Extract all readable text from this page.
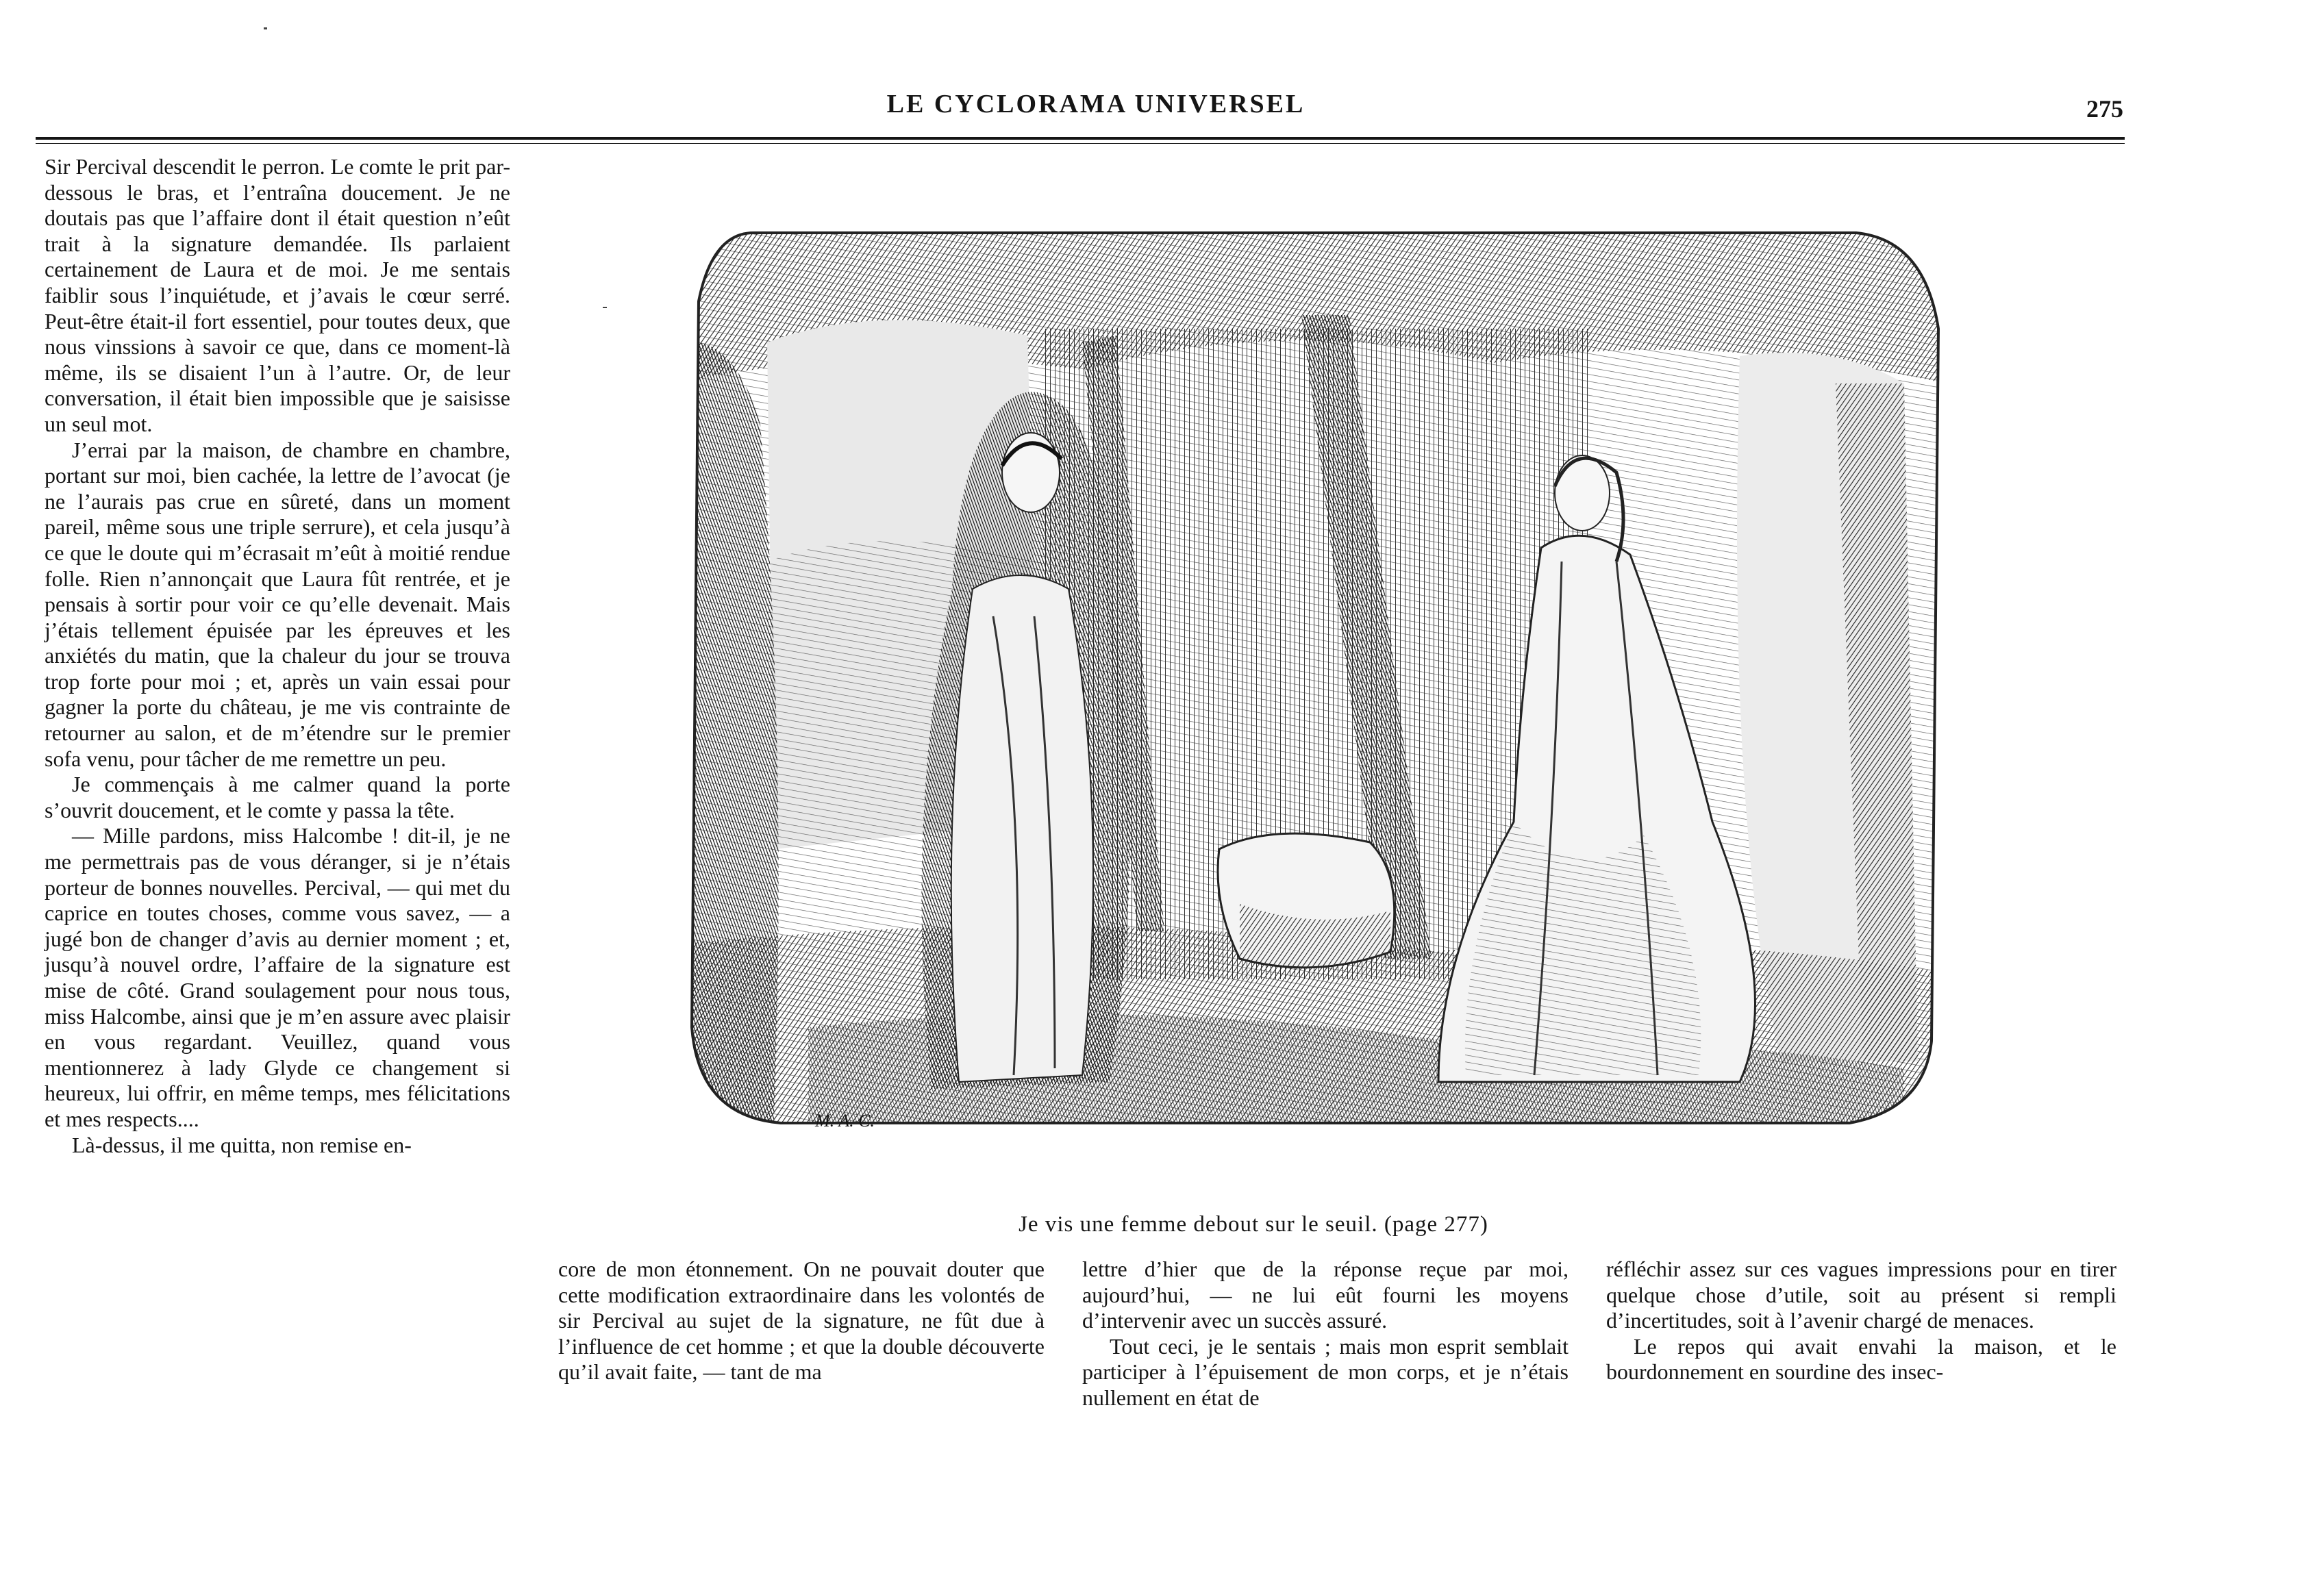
LE CYCLORAMA UNIVERSEL	275

Sir Percival descendit le perron. Le comte le prit par-dessous le bras, et l’entraîna doucement. Je ne doutais pas que l’affaire dont il était question n’eût trait à la signature demandée. Ils parlaient certainement de Laura et de moi. Je me sentais faiblir sous l’inquiétude, et j’avais le cœur serré. Peut-être était-il fort essentiel, pour toutes deux, que nous vinssions à savoir ce que, dans ce moment-là même, ils se disaient l’un à l’autre. Or, de leur conversation, il était bien impossible que je saisisse un seul mot.

J’errai par la maison, de chambre en chambre, portant sur moi, bien cachée, la lettre de l’avocat (je ne l’aurais pas crue en sûreté, dans un moment pareil, même sous une triple serrure), et cela jusqu’à ce que le doute qui m’écrasait m’eût à moitié rendue folle. Rien n’annonçait que Laura fût rentrée, et je pensais à sortir pour voir ce qu’elle devenait. Mais j’étais tellement épuisée par les épreuves et les anxiétés du matin, que la chaleur du jour se trouva trop forte pour moi ; et, après un vain essai pour gagner la porte du château, je me vis contrainte de retourner au salon, et de m’étendre sur le premier sofa venu, pour tâcher de me remettre un peu.

Je commençais à me calmer quand la porte s’ouvrit doucement, et le comte y passa la tête.

— Mille pardons, miss Halcombe ! dit-il, je ne me permettrais pas de vous déranger, si je n’étais porteur de bonnes nouvelles. Percival, — qui met du caprice en toutes choses, comme vous savez, — a jugé bon de changer d’avis au dernier moment ; et, jusqu’à nouvel ordre, l’affaire de la signature est mise de côté. Grand soulagement pour nous tous, miss Halcombe, ainsi que je m’en assure avec plaisir en vous regardant. Veuillez, quand vous mentionnerez à lady Glyde ce changement si heureux, lui offrir, en même temps, mes félicitations et mes respects....

Là-dessus, il me quitta, non remise en-

M. A. C.
Je vis une femme debout sur le seuil. (page 277)

core de mon étonnement. On ne pouvait douter que cette modification extraordinaire dans les volontés de sir Percival au sujet de la signature, ne fût due à l’influence de cet homme ; et que la double découverte qu’il avait faite, — tant de ma

lettre d’hier que de la réponse reçue par moi, aujourd’hui, — ne lui eût fourni les moyens d’intervenir avec un succès assuré.

Tout ceci, je le sentais ; mais mon esprit semblait participer à l’épuisement de mon corps, et je n’étais nullement en état de

réfléchir assez sur ces vagues impressions pour en tirer quelque chose d’utile, soit au présent si rempli d’incertitudes, soit à l’avenir chargé de menaces.

Le repos qui avait envahi la maison, et le bourdonnement en sourdine des insec-
